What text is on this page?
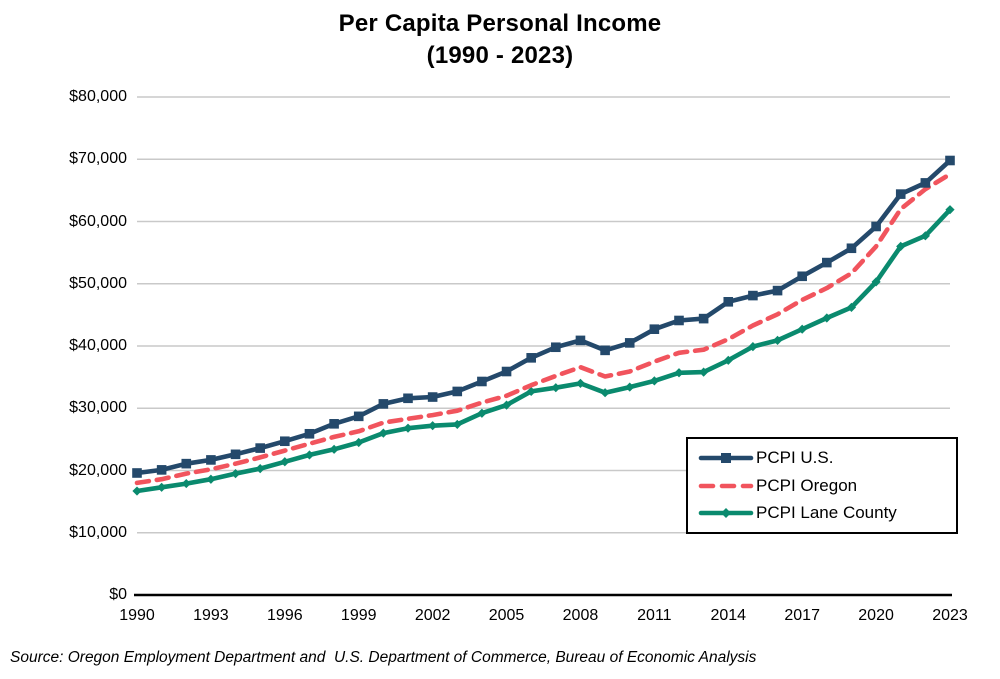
Per Capita Personal Income
(1990 - 2023)
$0
$10,000
$20,000
$30,000
$40,000
$50,000
$60,000
$70,000
$80,000
1990	1993	1996	1999	2002	2005	2008	2011	2014	2017	2020	2023
PCPI U.S.
PCPI Oregon
PCPI Lane County
Source: Oregon Employment Department and  U.S. Department of Commerce, Bureau of Economic Analysis
